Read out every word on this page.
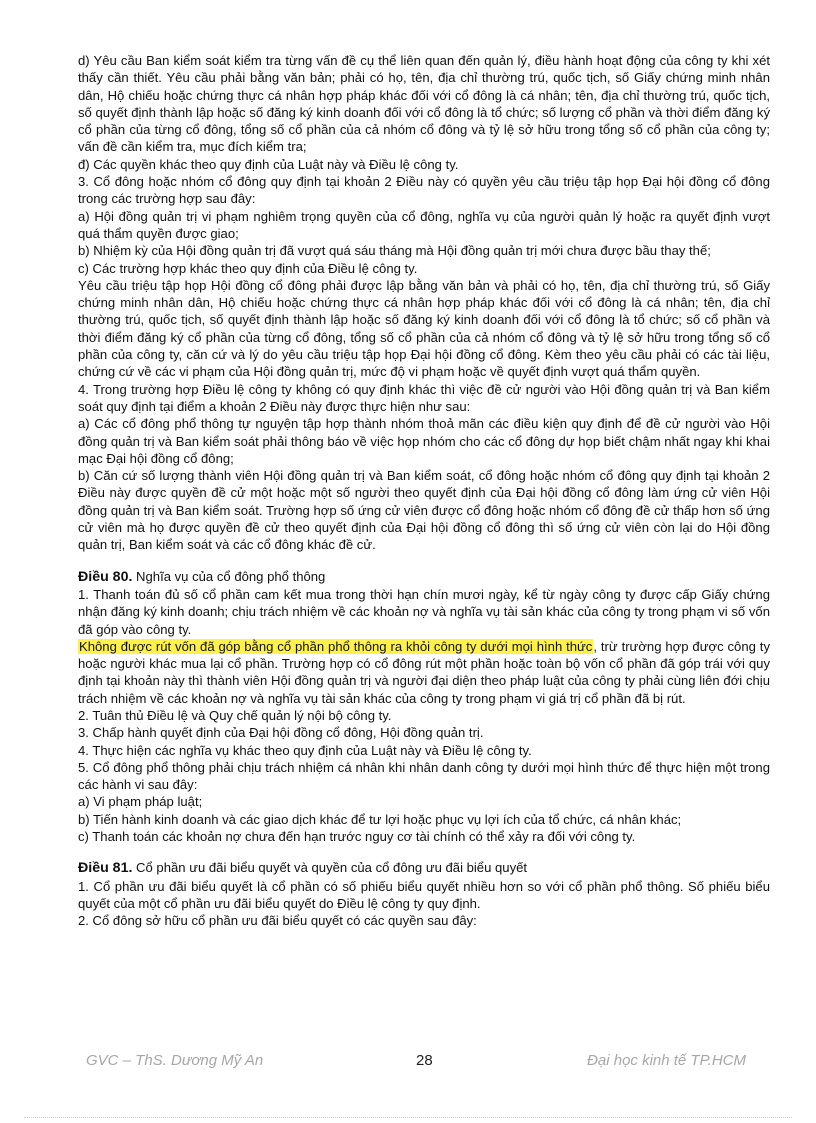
d) Yêu cầu Ban kiểm soát kiểm tra từng vấn đề cụ thể liên quan đến quản lý, điều hành hoạt động của công ty khi xét thấy cần thiết. Yêu cầu phải bằng văn bản; phải có họ, tên, địa chỉ thường trú, quốc tịch, số Giấy chứng minh nhân dân, Hộ chiếu hoặc chứng thực cá nhân hợp pháp khác đối với cổ đông là cá nhân; tên, địa chỉ thường trú, quốc tịch, số quyết định thành lập hoặc số đăng ký kinh doanh đối với cổ đông là tổ chức; số lượng cổ phần và thời điểm đăng ký cổ phần của từng cổ đông, tổng số cổ phần của cả nhóm cổ đông và tỷ lệ sở hữu trong tổng số cổ phần của công ty; vấn đề cần kiểm tra, mục đích kiểm tra;

đ) Các quyền khác theo quy định của Luật này và Điều lệ công ty.

3. Cổ đông hoặc nhóm cổ đông quy định tại khoản 2 Điều này có quyền yêu cầu triệu tập họp Đại hội đồng cổ đông trong các trường hợp sau đây:

a) Hội đồng quản trị vi phạm nghiêm trọng quyền của cổ đông, nghĩa vụ của người quản lý hoặc ra quyết định vượt quá thẩm quyền được giao;

b) Nhiệm kỳ của Hội đồng quản trị đã vượt quá sáu tháng mà Hội đồng quản trị mới chưa được bầu thay thế;

c) Các trường hợp khác theo quy định của Điều lệ công ty.

Yêu cầu triệu tập họp Hội đồng cổ đông phải được lập bằng văn bản và phải có họ, tên, địa chỉ thường trú, số Giấy chứng minh nhân dân, Hộ chiếu hoặc chứng thực cá nhân hợp pháp khác đối với cổ đông là cá nhân; tên, địa chỉ thường trú, quốc tịch, số quyết định thành lập hoặc số đăng ký kinh doanh đối với cổ đông là tổ chức; số cổ phần và thời điểm đăng ký cổ phần của từng cổ đông, tổng số cổ phần của cả nhóm cổ đông và tỷ lệ sở hữu trong tổng số cổ phần của công ty, căn cứ và lý do yêu cầu triệu tập họp Đại hội đồng cổ đông. Kèm theo yêu cầu phải có các tài liệu, chứng cứ về các vi phạm của Hội đồng quản trị, mức độ vi phạm hoặc về quyết định vượt quá thẩm quyền.

4. Trong trường hợp Điều lệ công ty không có quy định khác thì việc đề cử người vào Hội đồng quản trị và Ban kiểm soát quy định tại điểm a khoản 2 Điều này được thực hiện như sau:

a) Các cổ đông phổ thông tự nguyện tập hợp thành nhóm thoả mãn các điều kiện quy định để đề cử người vào Hội đồng quản trị và Ban kiểm soát phải thông báo về việc họp nhóm cho các cổ đông dự họp biết chậm nhất ngay khi khai mạc Đại hội đồng cổ đông;

b) Căn cứ số lượng thành viên Hội đồng quản trị và Ban kiểm soát, cổ đông hoặc nhóm cổ đông quy định tại khoản 2 Điều này được quyền đề cử một hoặc một số người theo quyết định của Đại hội đồng cổ đông làm ứng cử viên Hội đồng quản trị và Ban kiểm soát. Trường hợp số ứng cử viên được cổ đông hoặc nhóm cổ đông đề cử thấp hơn số ứng cử viên mà họ được quyền đề cử theo quyết định của Đại hội đồng cổ đông thì số ứng cử viên còn lại do Hội đồng quản trị, Ban kiểm soát và các cổ đông khác đề cử.

Điều 80. Nghĩa vụ của cổ đông phổ thông

1. Thanh toán đủ số cổ phần cam kết mua trong thời hạn chín mươi ngày, kể từ ngày công ty được cấp Giấy chứng nhận đăng ký kinh doanh; chịu trách nhiệm về các khoản nợ và nghĩa vụ tài sản khác của công ty trong phạm vi số vốn đã góp vào công ty.

Không được rút vốn đã góp bằng cổ phần phổ thông ra khỏi công ty dưới mọi hình thức, trừ trường hợp được công ty hoặc người khác mua lại cổ phần. Trường hợp có cổ đông rút một phần hoặc toàn bộ vốn cổ phần đã góp trái với quy định tại khoản này thì thành viên Hội đồng quản trị và người đại diện theo pháp luật của công ty phải cùng liên đới chịu trách nhiệm về các khoản nợ và nghĩa vụ tài sản khác của công ty trong phạm vi giá trị cổ phần đã bị rút.

2. Tuân thủ Điều lệ và Quy chế quản lý nội bộ công ty.

3. Chấp hành quyết định của Đại hội đồng cổ đông, Hội đồng quản trị.

4. Thực hiện các nghĩa vụ khác theo quy định của Luật này và Điều lệ công ty.

5. Cổ đông phổ thông phải chịu trách nhiệm cá nhân khi nhân danh công ty dưới mọi hình thức để thực hiện một trong các hành vi sau đây:

a) Vi phạm pháp luật;

b) Tiến hành kinh doanh và các giao dịch khác để tư lợi hoặc phục vụ lợi ích của tổ chức, cá nhân khác;

c) Thanh toán các khoản nợ chưa đến hạn trước nguy cơ tài chính có thể xảy ra đối với công ty.

Điều 81. Cổ phần ưu đãi biểu quyết và quyền của cổ đông ưu đãi biểu quyết

1. Cổ phần ưu đãi biểu quyết là cổ phần có số phiếu biểu quyết nhiều hơn so với cổ phần phổ thông. Số phiếu biểu quyết của một cổ phần ưu đãi biểu quyết do Điều lệ công ty quy định.

2. Cổ đông sở hữu cổ phần ưu đãi biểu quyết có các quyền sau đây:

GVC – ThS. Dương Mỹ An	28	Đại học kinh tế TP.HCM
